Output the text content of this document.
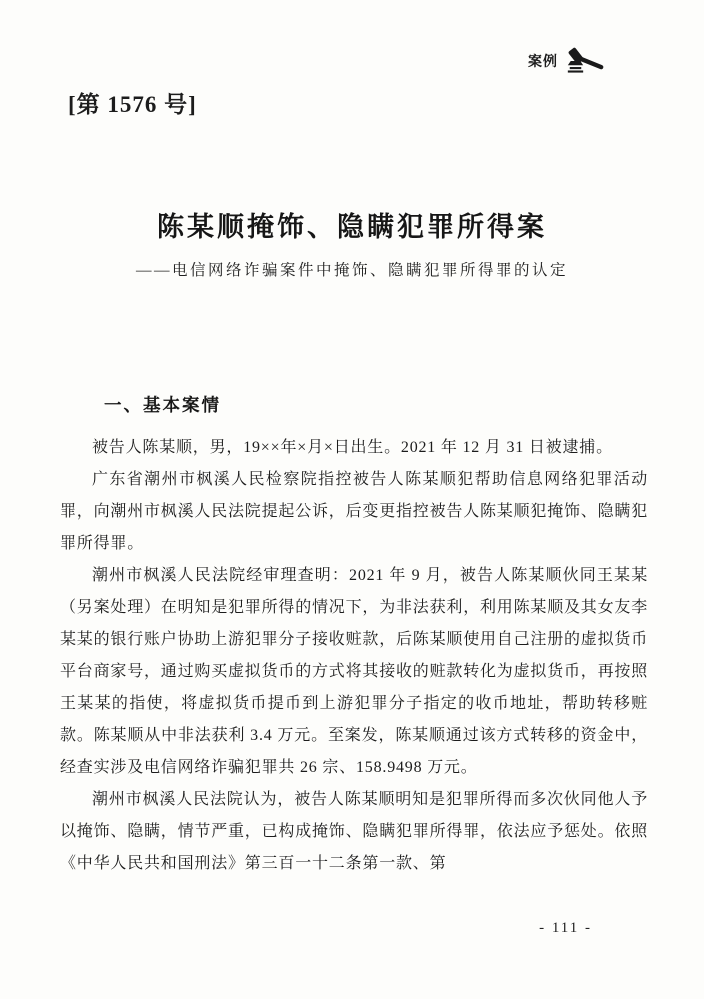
案例
[第 1576 号]
陈某顺掩饰、隐瞒犯罪所得案
——电信网络诈骗案件中掩饰、隐瞒犯罪所得罪的认定
一、基本案情

被告人陈某顺，男，19××年×月×日出生。2021 年 12 月 31 日被逮捕。

广东省潮州市枫溪人民检察院指控被告人陈某顺犯帮助信息网络犯罪活动罪，向潮州市枫溪人民法院提起公诉，后变更指控被告人陈某顺犯掩饰、隐瞒犯罪所得罪。

潮州市枫溪人民法院经审理查明：2021 年 9 月，被告人陈某顺伙同王某某（另案处理）在明知是犯罪所得的情况下，为非法获利，利用陈某顺及其女友李某某的银行账户协助上游犯罪分子接收赃款，后陈某顺使用自己注册的虚拟货币平台商家号，通过购买虚拟货币的方式将其接收的赃款转化为虚拟货币，再按照王某某的指使，将虚拟货币提币到上游犯罪分子指定的收币地址，帮助转移赃款。陈某顺从中非法获利 3.4 万元。至案发，陈某顺通过该方式转移的资金中，经查实涉及电信网络诈骗犯罪共 26 宗、158.9498 万元。

潮州市枫溪人民法院认为，被告人陈某顺明知是犯罪所得而多次伙同他人予以掩饰、隐瞒，情节严重，已构成掩饰、隐瞒犯罪所得罪，依法应予惩处。依照《中华人民共和国刑法》第三百一十二条第一款、第

- 111 -
